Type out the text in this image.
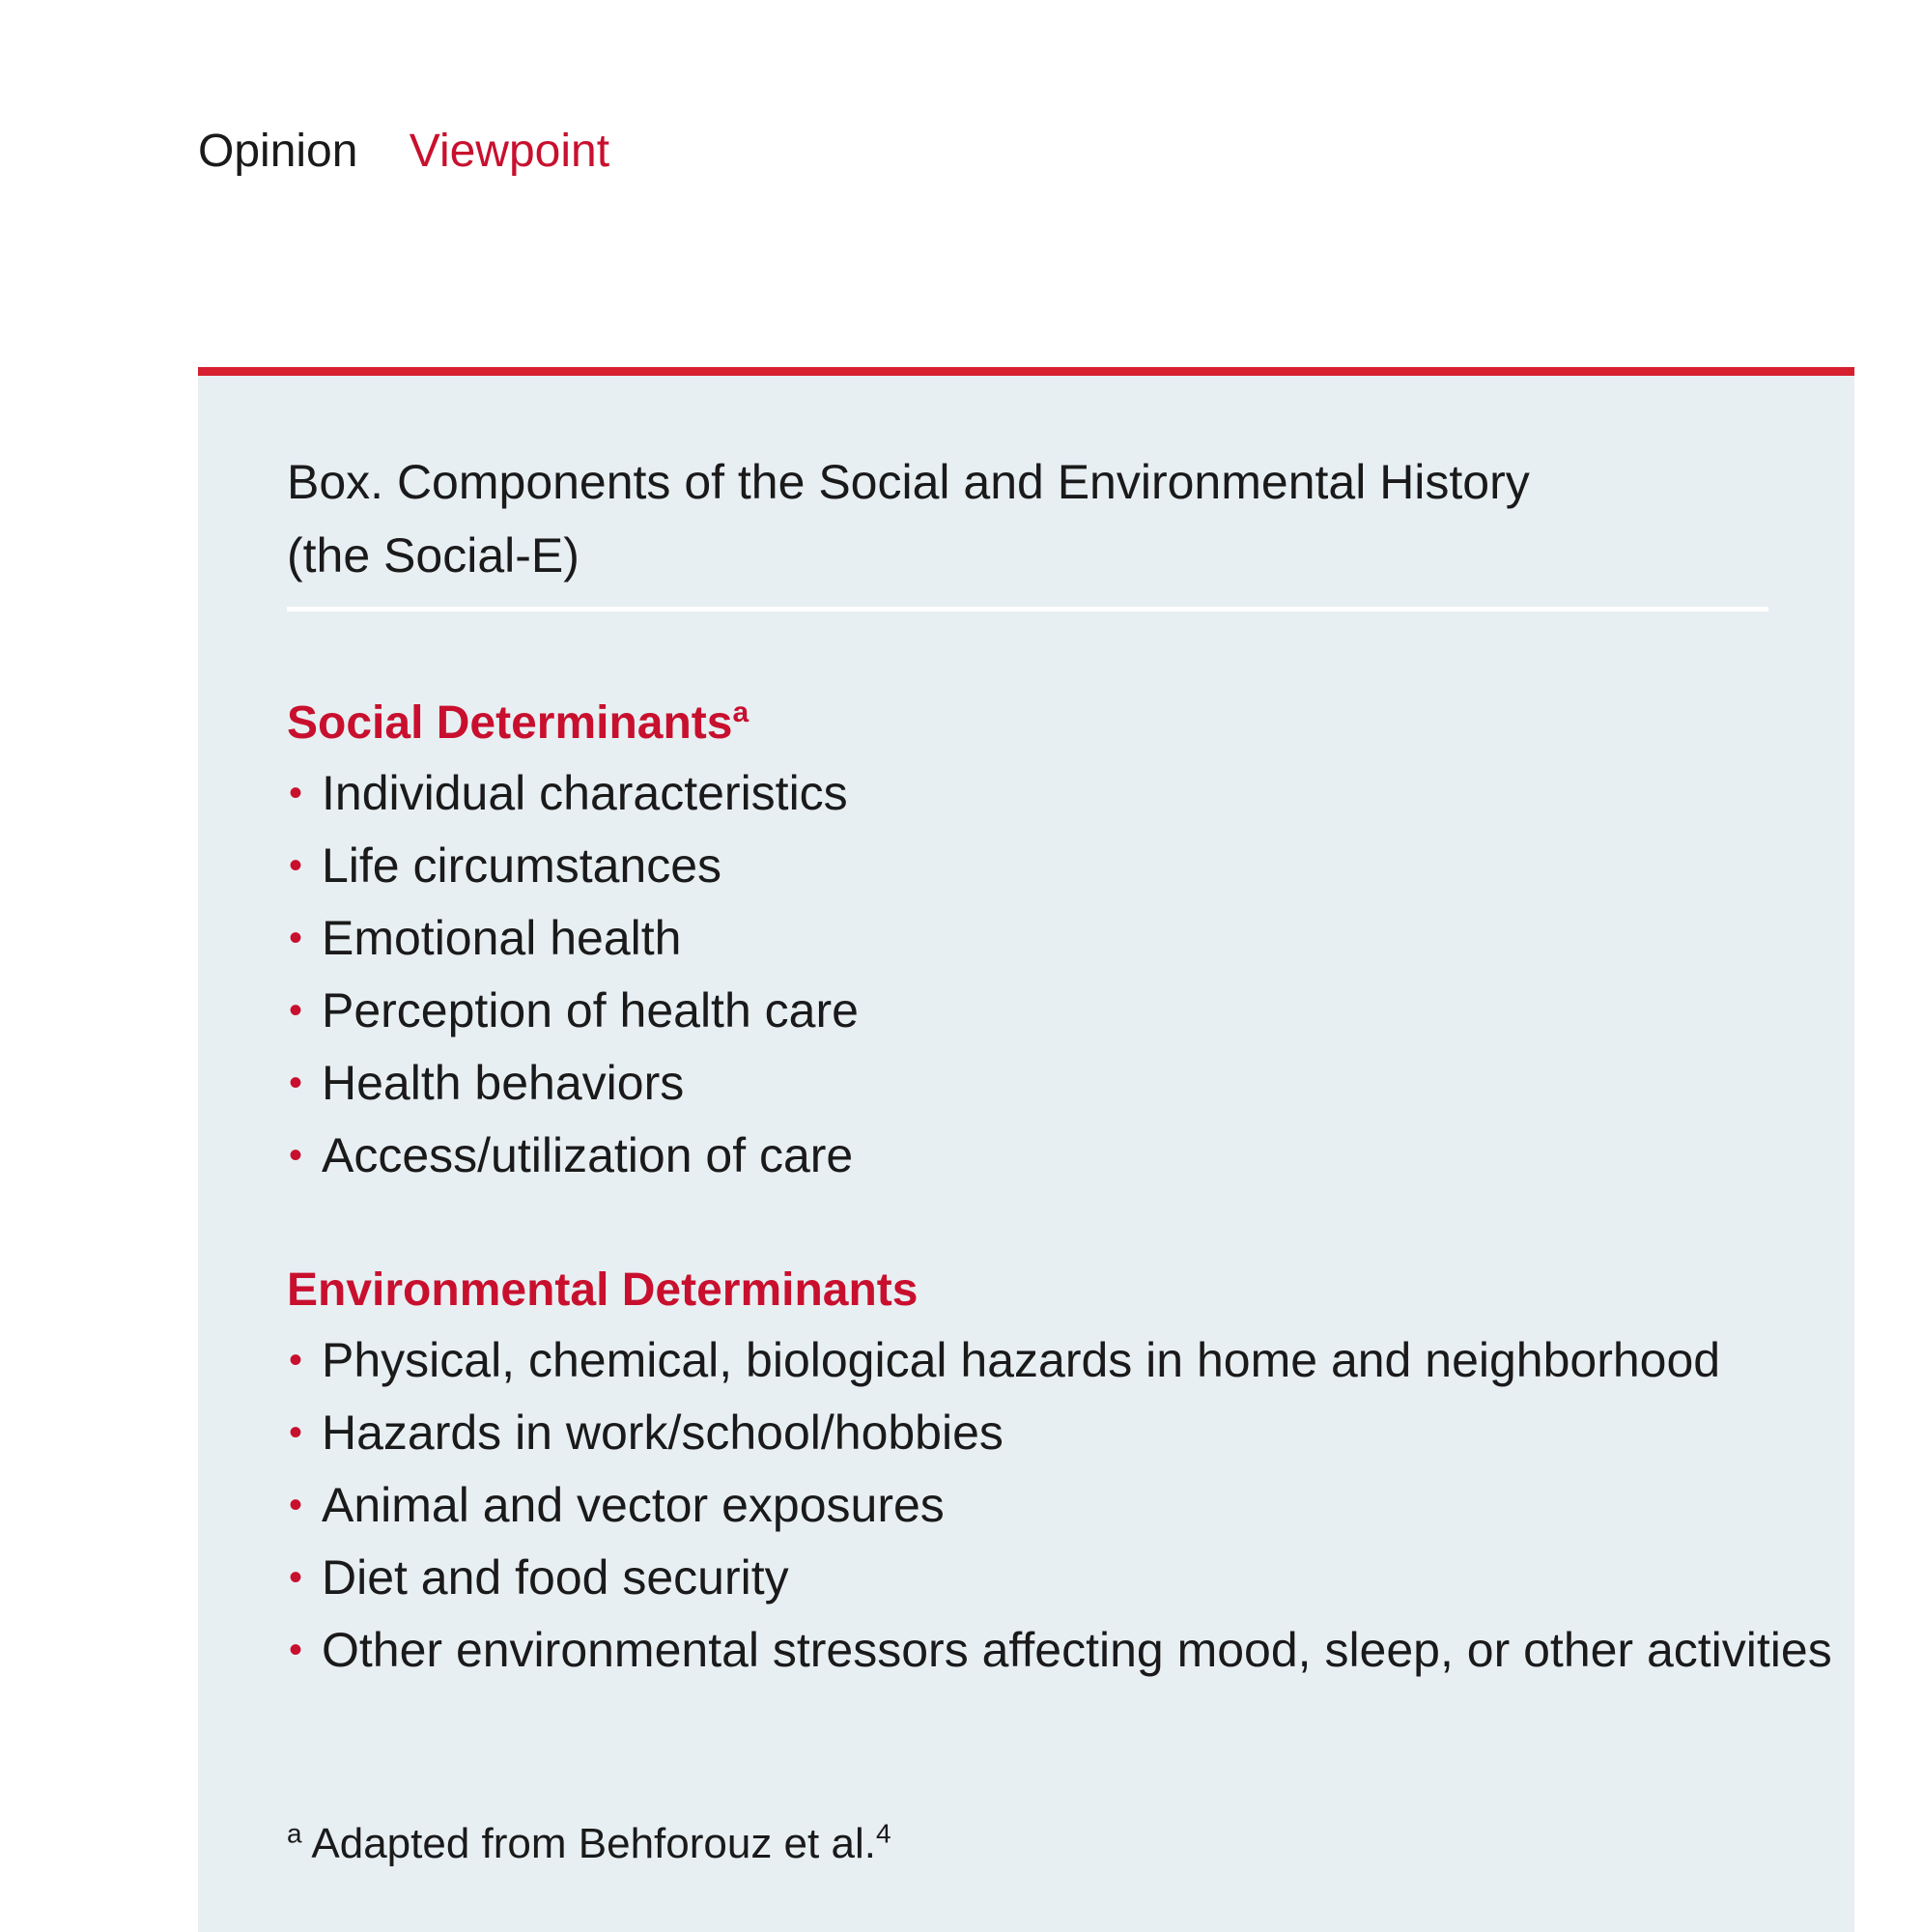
Opinion Viewpoint
Box. Components of the Social and Environmental History
(the Social-E)
Social Determinants$^a$
• Individual characteristics
• Life circumstances
• Emotional health
• Perception of health care
• Health behaviors
• Access/utilization of care
Environmental Determinants
• Physical, chemical, biological hazards in home and neighborhood
• Hazards in work/school/hobbies
• Animal and vector exposures
• Diet and food security
• Other environmental stressors affecting mood, sleep, or other activities
$^a$ Adapted from Behforouz et al.$^4$
